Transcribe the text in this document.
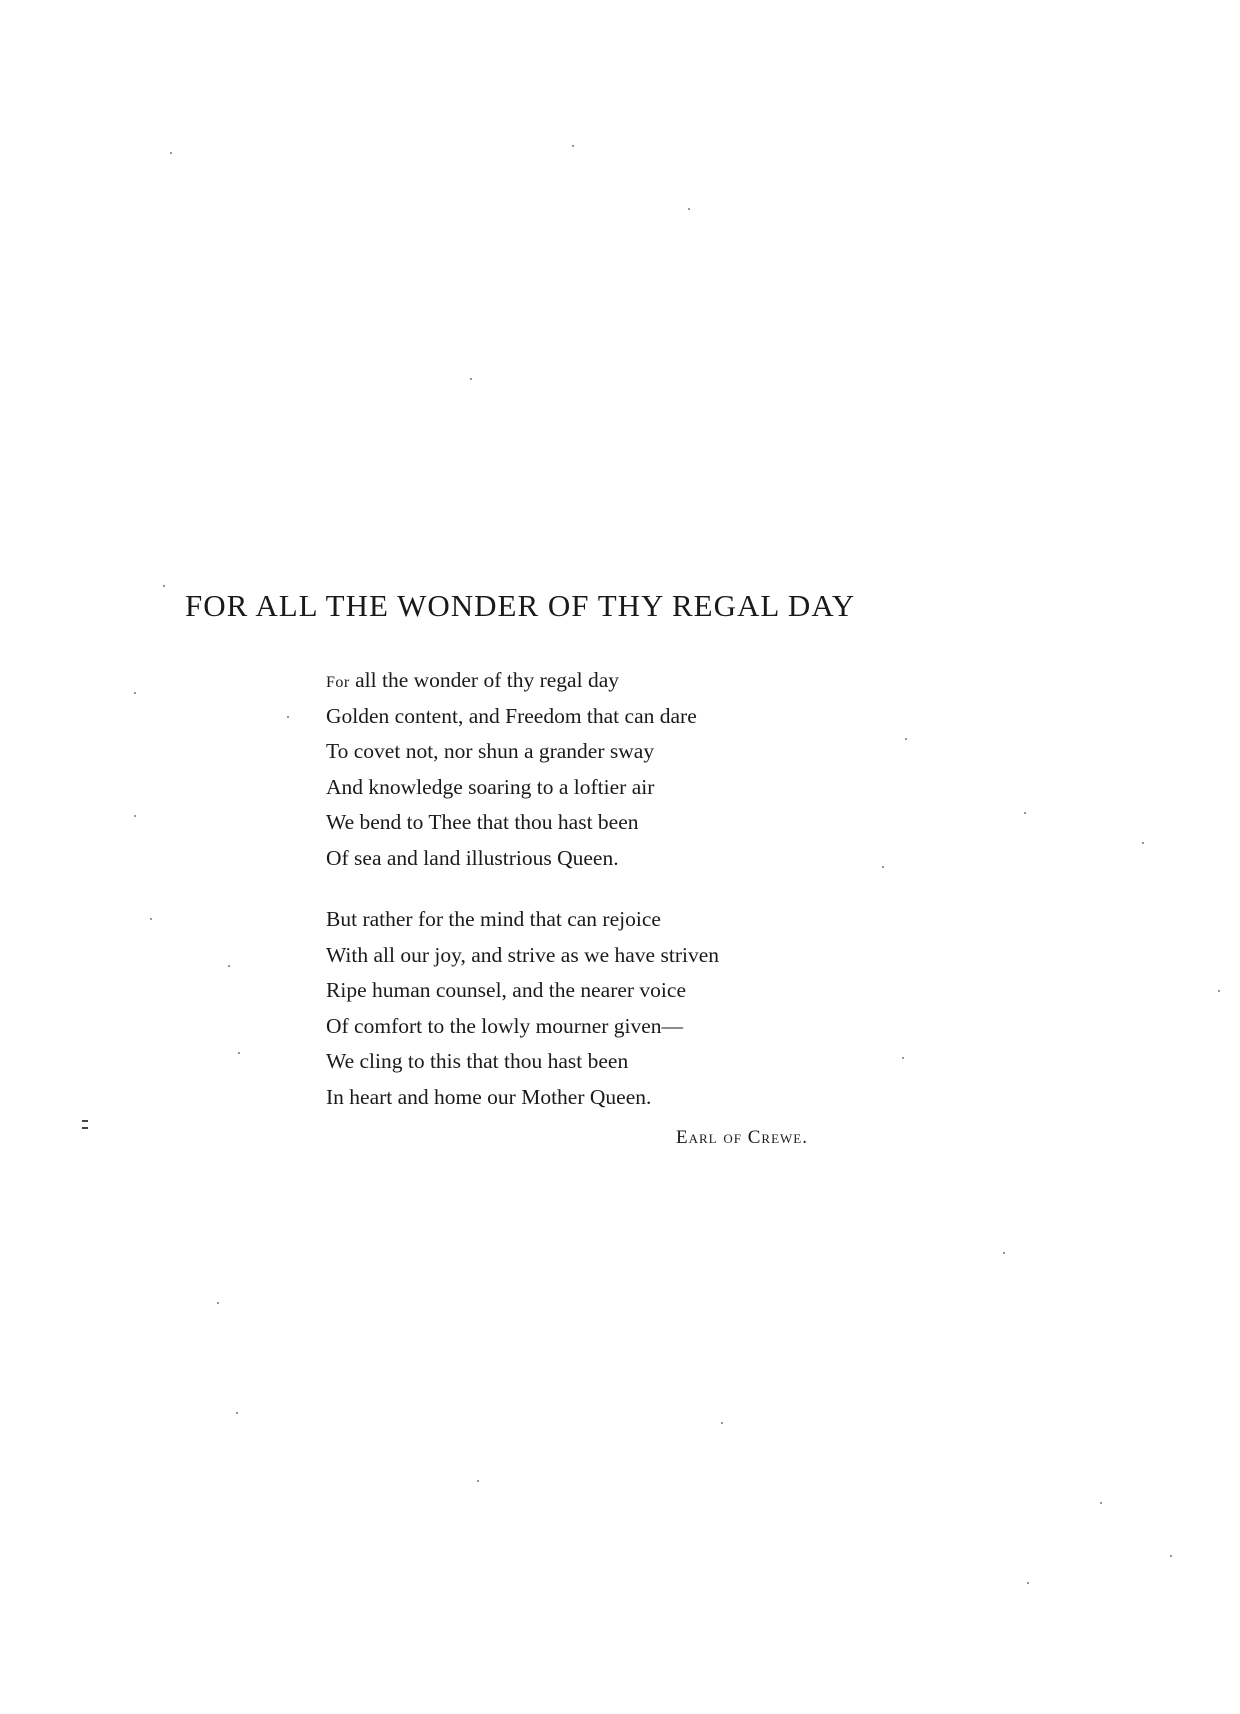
FOR ALL THE WONDER OF THY REGAL DAY
For all the wonder of thy regal day
Golden content, and Freedom that can dare
To covet not, nor shun a grander sway
And knowledge soaring to a loftier air
We bend to Thee that thou hast been
Of sea and land illustrious Queen.
But rather for the mind that can rejoice
With all our joy, and strive as we have striven
Ripe human counsel, and the nearer voice
Of comfort to the lowly mourner given—
We cling to this that thou hast been
In heart and home our Mother Queen.
Earl of Crewe.
